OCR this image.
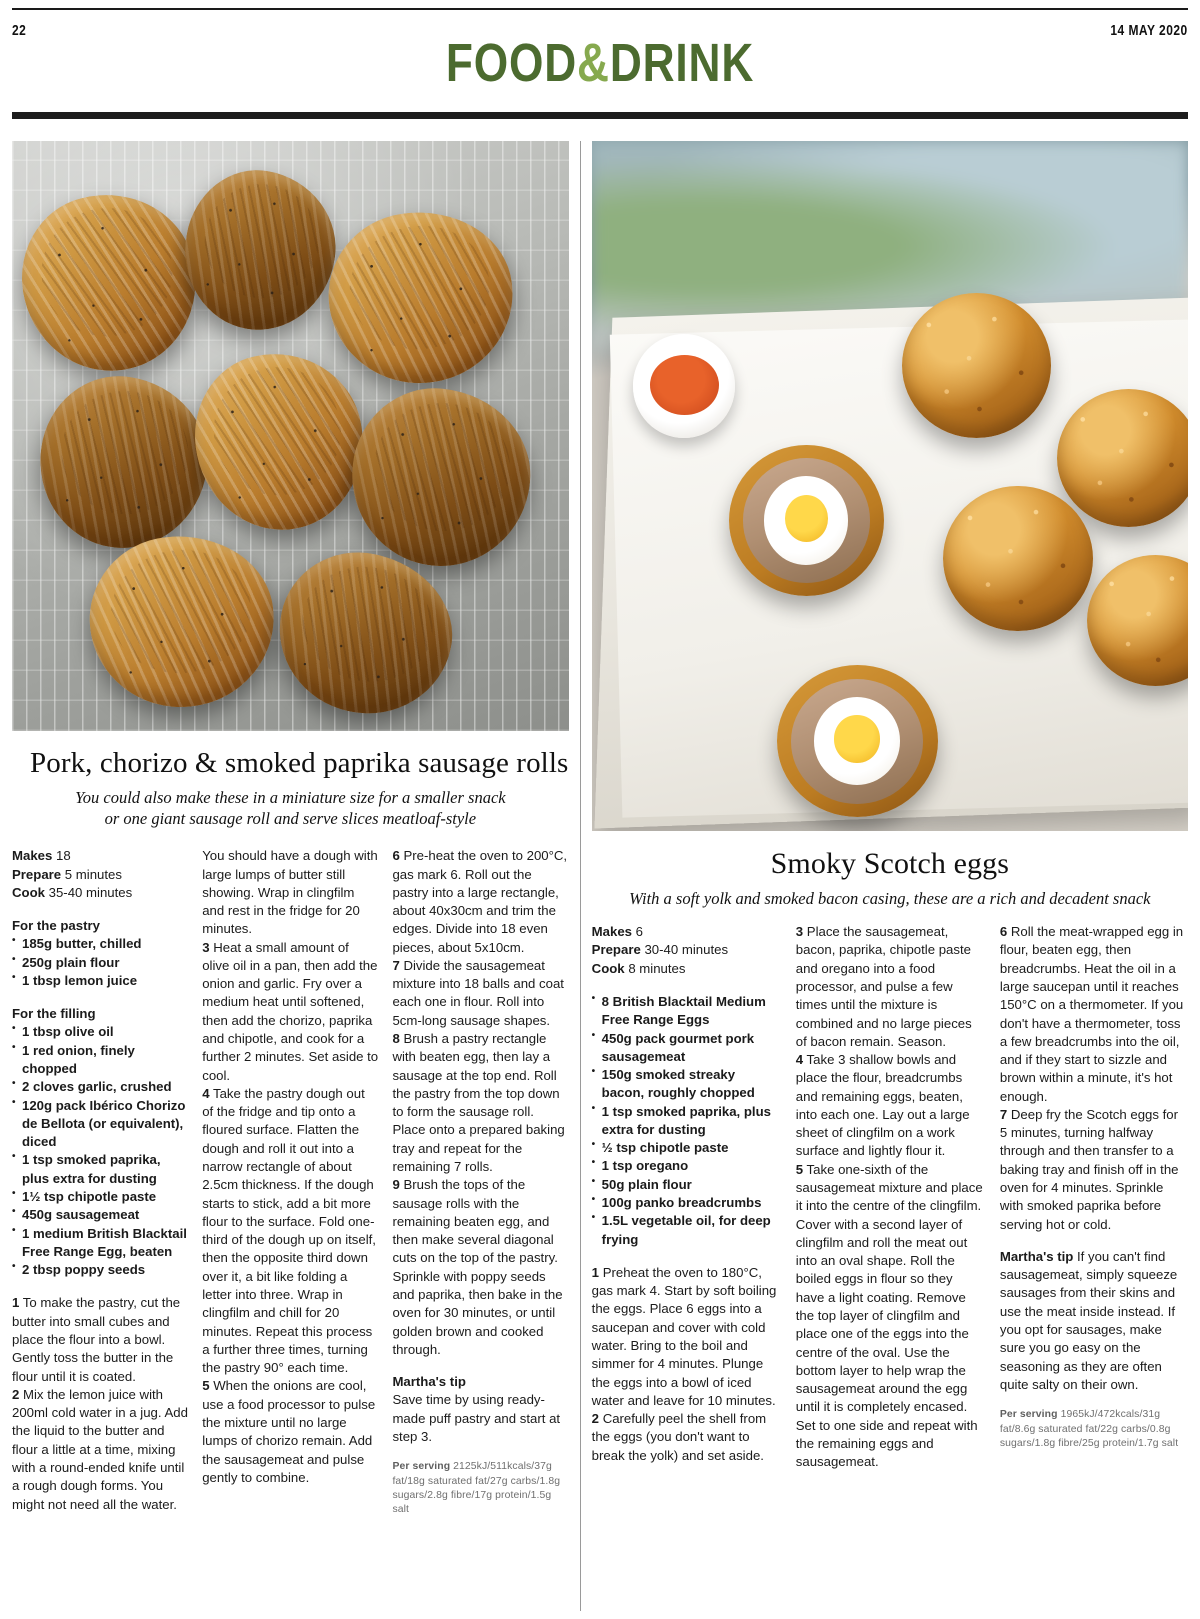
22	14 MAY 2020
FOOD&DRINK
Pork, chorizo & smoked paprika sausage rolls
You could also make these in a miniature size for a smaller snack
or one giant sausage roll and serve slices meatloaf-style

Makes 18

Prepare 5 minutes

Cook 35-40 minutes

For the pastry

• 185g butter, chilled
• 250g plain flour
• 1 tbsp lemon juice

For the filling

• 1 tbsp olive oil
• 1 red onion, finely chopped
• 2 cloves garlic, crushed
• 120g pack Ibérico Chorizo de Bellota (or equivalent), diced
• 1 tsp smoked paprika, plus extra for dusting
• 1½ tsp chipotle paste
• 450g sausagemeat
• 1 medium British Blacktail Free Range Egg, beaten
• 2 tbsp poppy seeds

1 To make the pastry, cut the butter into small cubes and place the flour into a bowl. Gently toss the butter in the flour until it is coated.

2 Mix the lemon juice with 200ml cold water in a jug. Add the liquid to the butter and flour a little at a time, mixing with a round-ended knife until a rough dough forms. You might not need all the water. You should have a dough with large lumps of butter still showing. Wrap in clingfilm and rest in the fridge for 20 minutes.

3 Heat a small amount of olive oil in a pan, then add the onion and garlic. Fry over a medium heat until softened, then add the chorizo, paprika and chipotle, and cook for a further 2 minutes. Set aside to cool.

4 Take the pastry dough out of the fridge and tip onto a floured surface. Flatten the dough and roll it out into a narrow rectangle of about 2.5cm thickness. If the dough starts to stick, add a bit more flour to the surface. Fold one-third of the dough up on itself, then the opposite third down over it, a bit like folding a letter into three. Wrap in clingfilm and chill for 20 minutes. Repeat this process a further three times, turning the pastry 90° each time.

5 When the onions are cool, use a food processor to pulse the mixture until no large lumps of chorizo remain. Add the sausagemeat and pulse gently to combine.

6 Pre-heat the oven to 200°C, gas mark 6. Roll out the pastry into a large rectangle, about 40x30cm and trim the edges. Divide into 18 even pieces, about 5x10cm.

7 Divide the sausagemeat mixture into 18 balls and coat each one in flour. Roll into 5cm-long sausage shapes.

8 Brush a pastry rectangle with beaten egg, then lay a sausage at the top end. Roll the pastry from the top down to form the sausage roll. Place onto a prepared baking tray and repeat for the remaining 7 rolls.

9 Brush the tops of the sausage rolls with the remaining beaten egg, and then make several diagonal cuts on the top of the pastry. Sprinkle with poppy seeds and paprika, then bake in the oven for 30 minutes, or until golden brown and cooked through.

Martha's tip

Save time by using ready-made puff pastry and start at step 3.

Per serving 2125kJ/511kcals/37g fat/18g saturated fat/27g carbs/1.8g sugars/2.8g fibre/17g protein/1.5g salt

Smoky Scotch eggs
With a soft yolk and smoked bacon casing, these are a rich and decadent snack

Makes 6

Prepare 30-40 minutes

Cook 8 minutes

• 8 British Blacktail Medium Free Range Eggs
• 450g pack gourmet pork sausagemeat
• 150g smoked streaky bacon, roughly chopped
• 1 tsp smoked paprika, plus extra for dusting
• ½ tsp chipotle paste
• 1 tsp oregano
• 50g plain flour
• 100g panko breadcrumbs
• 1.5L vegetable oil, for deep frying

1 Preheat the oven to 180°C, gas mark 4. Start by soft boiling the eggs. Place 6 eggs into a saucepan and cover with cold water. Bring to the boil and simmer for 4 minutes. Plunge the eggs into a bowl of iced water and leave for 10 minutes.

2 Carefully peel the shell from the eggs (you don't want to break the yolk) and set aside.

3 Place the sausagemeat, bacon, paprika, chipotle paste and oregano into a food processor, and pulse a few times until the mixture is combined and no large pieces of bacon remain. Season.

4 Take 3 shallow bowls and place the flour, breadcrumbs and remaining eggs, beaten, into each one. Lay out a large sheet of clingfilm on a work surface and lightly flour it.

5 Take one-sixth of the sausagemeat mixture and place it into the centre of the clingfilm. Cover with a second layer of clingfilm and roll the meat out into an oval shape. Roll the boiled eggs in flour so they have a light coating. Remove the top layer of clingfilm and place one of the eggs into the centre of the oval. Use the bottom layer to help wrap the sausagemeat around the egg until it is completely encased. Set to one side and repeat with the remaining eggs and sausagemeat.

6 Roll the meat-wrapped egg in flour, beaten egg, then breadcrumbs. Heat the oil in a large saucepan until it reaches 150°C on a thermometer. If you don't have a thermometer, toss a few breadcrumbs into the oil, and if they start to sizzle and brown within a minute, it's hot enough.

7 Deep fry the Scotch eggs for 5 minutes, turning halfway through and then transfer to a baking tray and finish off in the oven for 4 minutes. Sprinkle with smoked paprika before serving hot or cold.

Martha's tip If you can't find sausagemeat, simply squeeze sausages from their skins and use the meat inside instead. If you opt for sausages, make sure you go easy on the seasoning as they are often quite salty on their own.

Per serving 1965kJ/472kcals/31g fat/8.6g saturated fat/22g carbs/0.8g sugars/1.8g fibre/25g protein/1.7g salt
